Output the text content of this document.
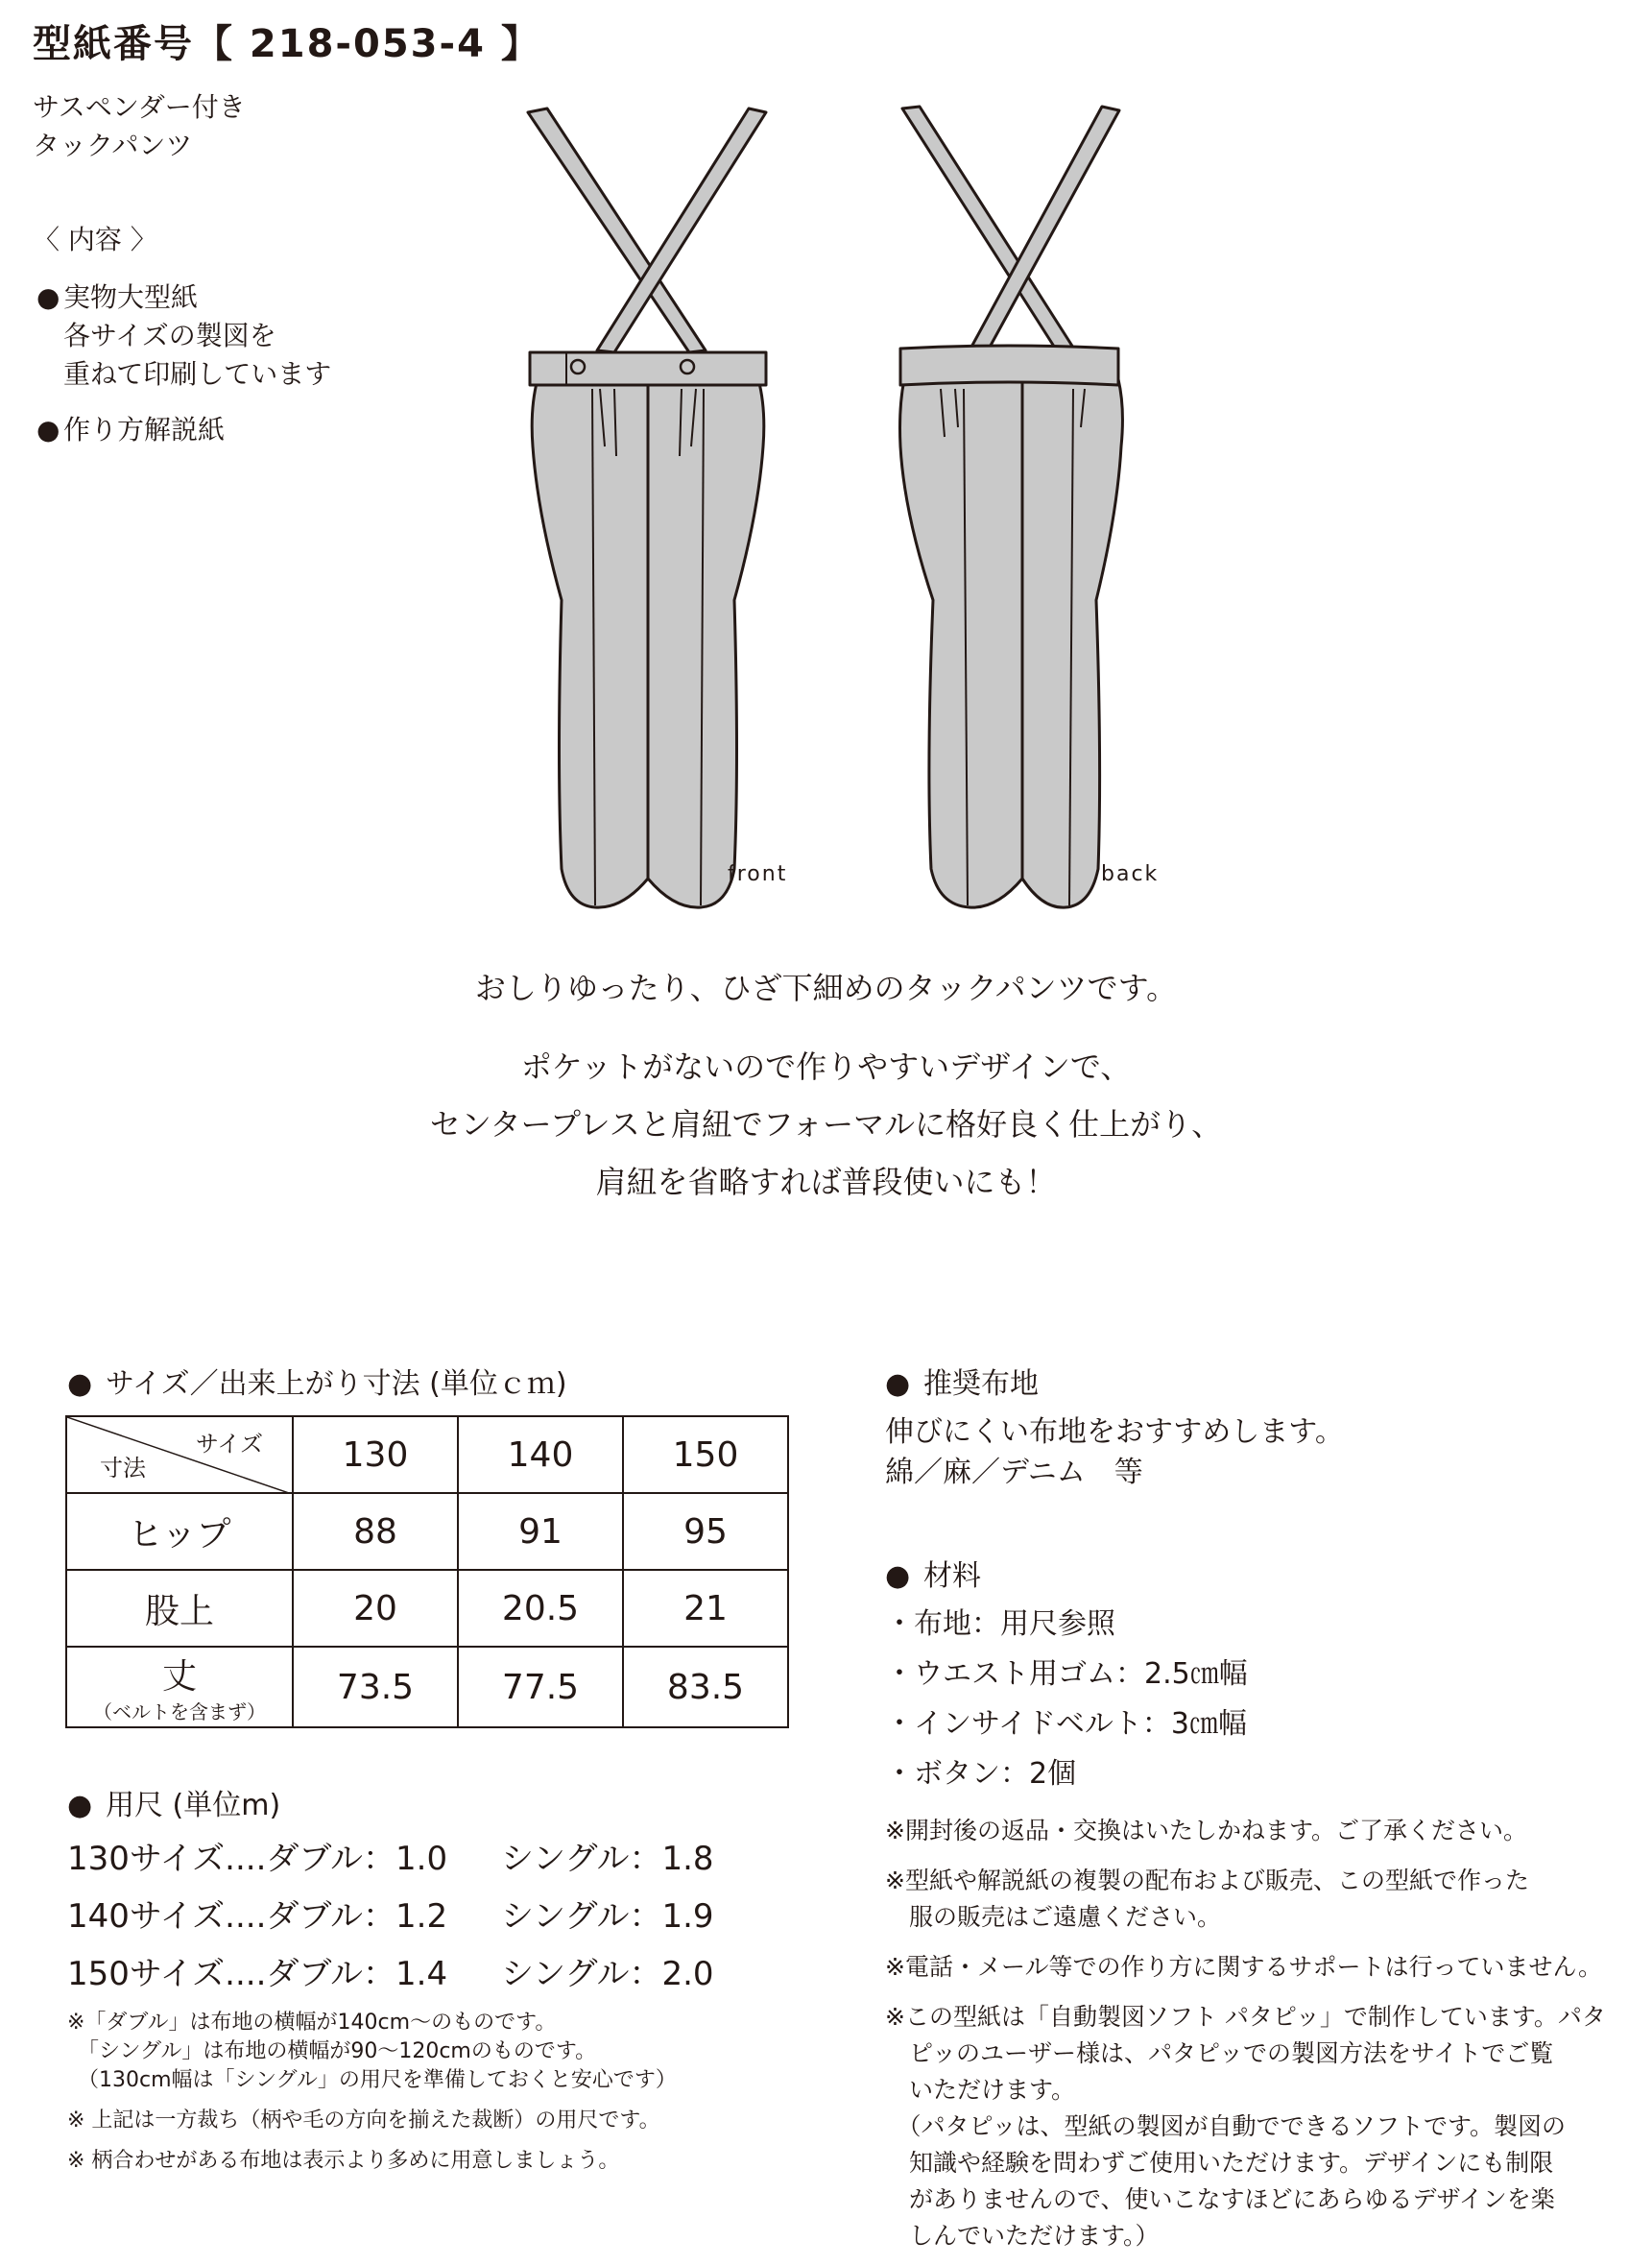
型紙番号【 218-053-4 】
サスペンダー付き
タックパンツ
〈 内容 〉
● 実物大型紙
各サイズの製図を
重ねて印刷しています
● 作り方解説紙
front	back
おしりゆったり、ひざ下細めのタックパンツです。
ポケットがないので作りやすいデザインで、
センタープレスと肩紐でフォーマルに格好良く仕上がり、
肩紐を省略すれば普段使いにも！
● サイズ／出来上がり寸法 (単位ｃｍ)
サイズ
寸法	130	140	150
ヒップ	88	91	95
股上	20	20.5	21

丈
（ベルトを含まず）	73.5	77.5	83.5
● 用尺 (単位m)
130サイズ....ダブル：1.0 シングル：1.8
140サイズ....ダブル：1.2 シングル：1.9
150サイズ....ダブル：1.4 シングル：2.0
※「ダブル」は布地の横幅が140cm～のものです。
　「シングル」は布地の横幅が90～120cmのものです。
　（130cm幅は「シングル」の用尺を準備しておくと安心です）
※ 上記は一方裁ち（柄や毛の方向を揃えた裁断）の用尺です。
※ 柄合わせがある布地は表示より多めに用意しましょう。
● 推奨布地
伸びにくい布地をおすすめします。
綿／麻／デニム　等
● 材料
・布地：用尺参照
・ウエスト用ゴム：2.5㎝幅
・インサイドベルト：3㎝幅
・ボタン：2個
※開封後の返品・交換はいたしかねます。ご了承ください。
※型紙や解説紙の複製の配布および販売、この型紙で作った
　服の販売はご遠慮ください。
※電話・メール等での作り方に関するサポートは行っていません。
※この型紙は「自動製図ソフト パタピッ」で制作しています。パタ
　ピッのユーザー様は、パタピッでの製図方法をサイトでご覧
　いただけます。
　（パタピッは、型紙の製図が自動でできるソフトです。製図の
　知識や経験を問わずご使用いただけます。デザインにも制限
　がありませんので、使いこなすほどにあらゆるデザインを楽
　しんでいただけます。）
